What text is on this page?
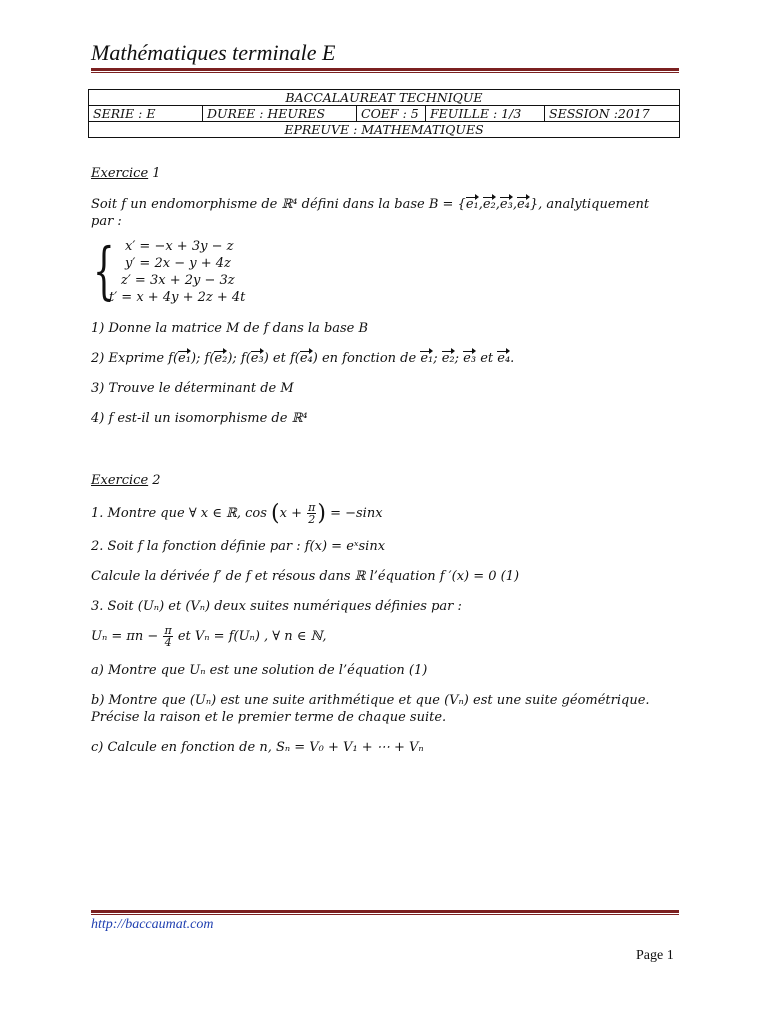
Mathématiques terminale E
BACCALAUREAT TECHNIQUE
SERIE : E	DUREE : HEURES	COEF : 5	FEUILLE : 1/3	SESSION :2017
EPREUVE : MATHEMATIQUES

Exercice 1

Soit f un endomorphisme de ℝ⁴ défini dans la base B = {e₁,e₂,e₃,e₄}, analytiquement

par :

{ x′ = −x + 3y − z
y′ = 2x − y + 4z
z′ = 3x + 2y − 3z
t′ = x + 4y + 2z + 4t

1) Donne la matrice M de f dans la base B

2) Exprime f(e₁); f(e₂); f(e₃) et f(e₄) en fonction de e₁; e₂; e₃ et e₄.

3) Trouve le déterminant de M

4) f est-il un isomorphisme de ℝ⁴

Exercice 2

1. Montre que ∀ x ∈ ℝ, $\cos (x + \frac{\pi}{2}$ ) = −sinx

2. Soit f la fonction définie par : f(x) = eˣsinx

Calcule la dérivée f′ de f et résous dans ℝ l’équation f ′(x) = 0 (1)

3. Soit (Uₙ) et (Vₙ) deux suites numériques définies par :

$U_n = \pi n - \frac{\pi}{4}$ et Vₙ = f(Uₙ) , ∀ n ∈ ℕ,

a) Montre que Uₙ est une solution de l’équation (1)

b) Montre que (Uₙ) est une suite arithmétique et que (Vₙ) est une suite géométrique.

Précise la raison et le premier terme de chaque suite.

c) Calcule en fonction de n, Sₙ = V₀ + V₁ + ⋯ + Vₙ

http://baccaumat.com
Page 1
